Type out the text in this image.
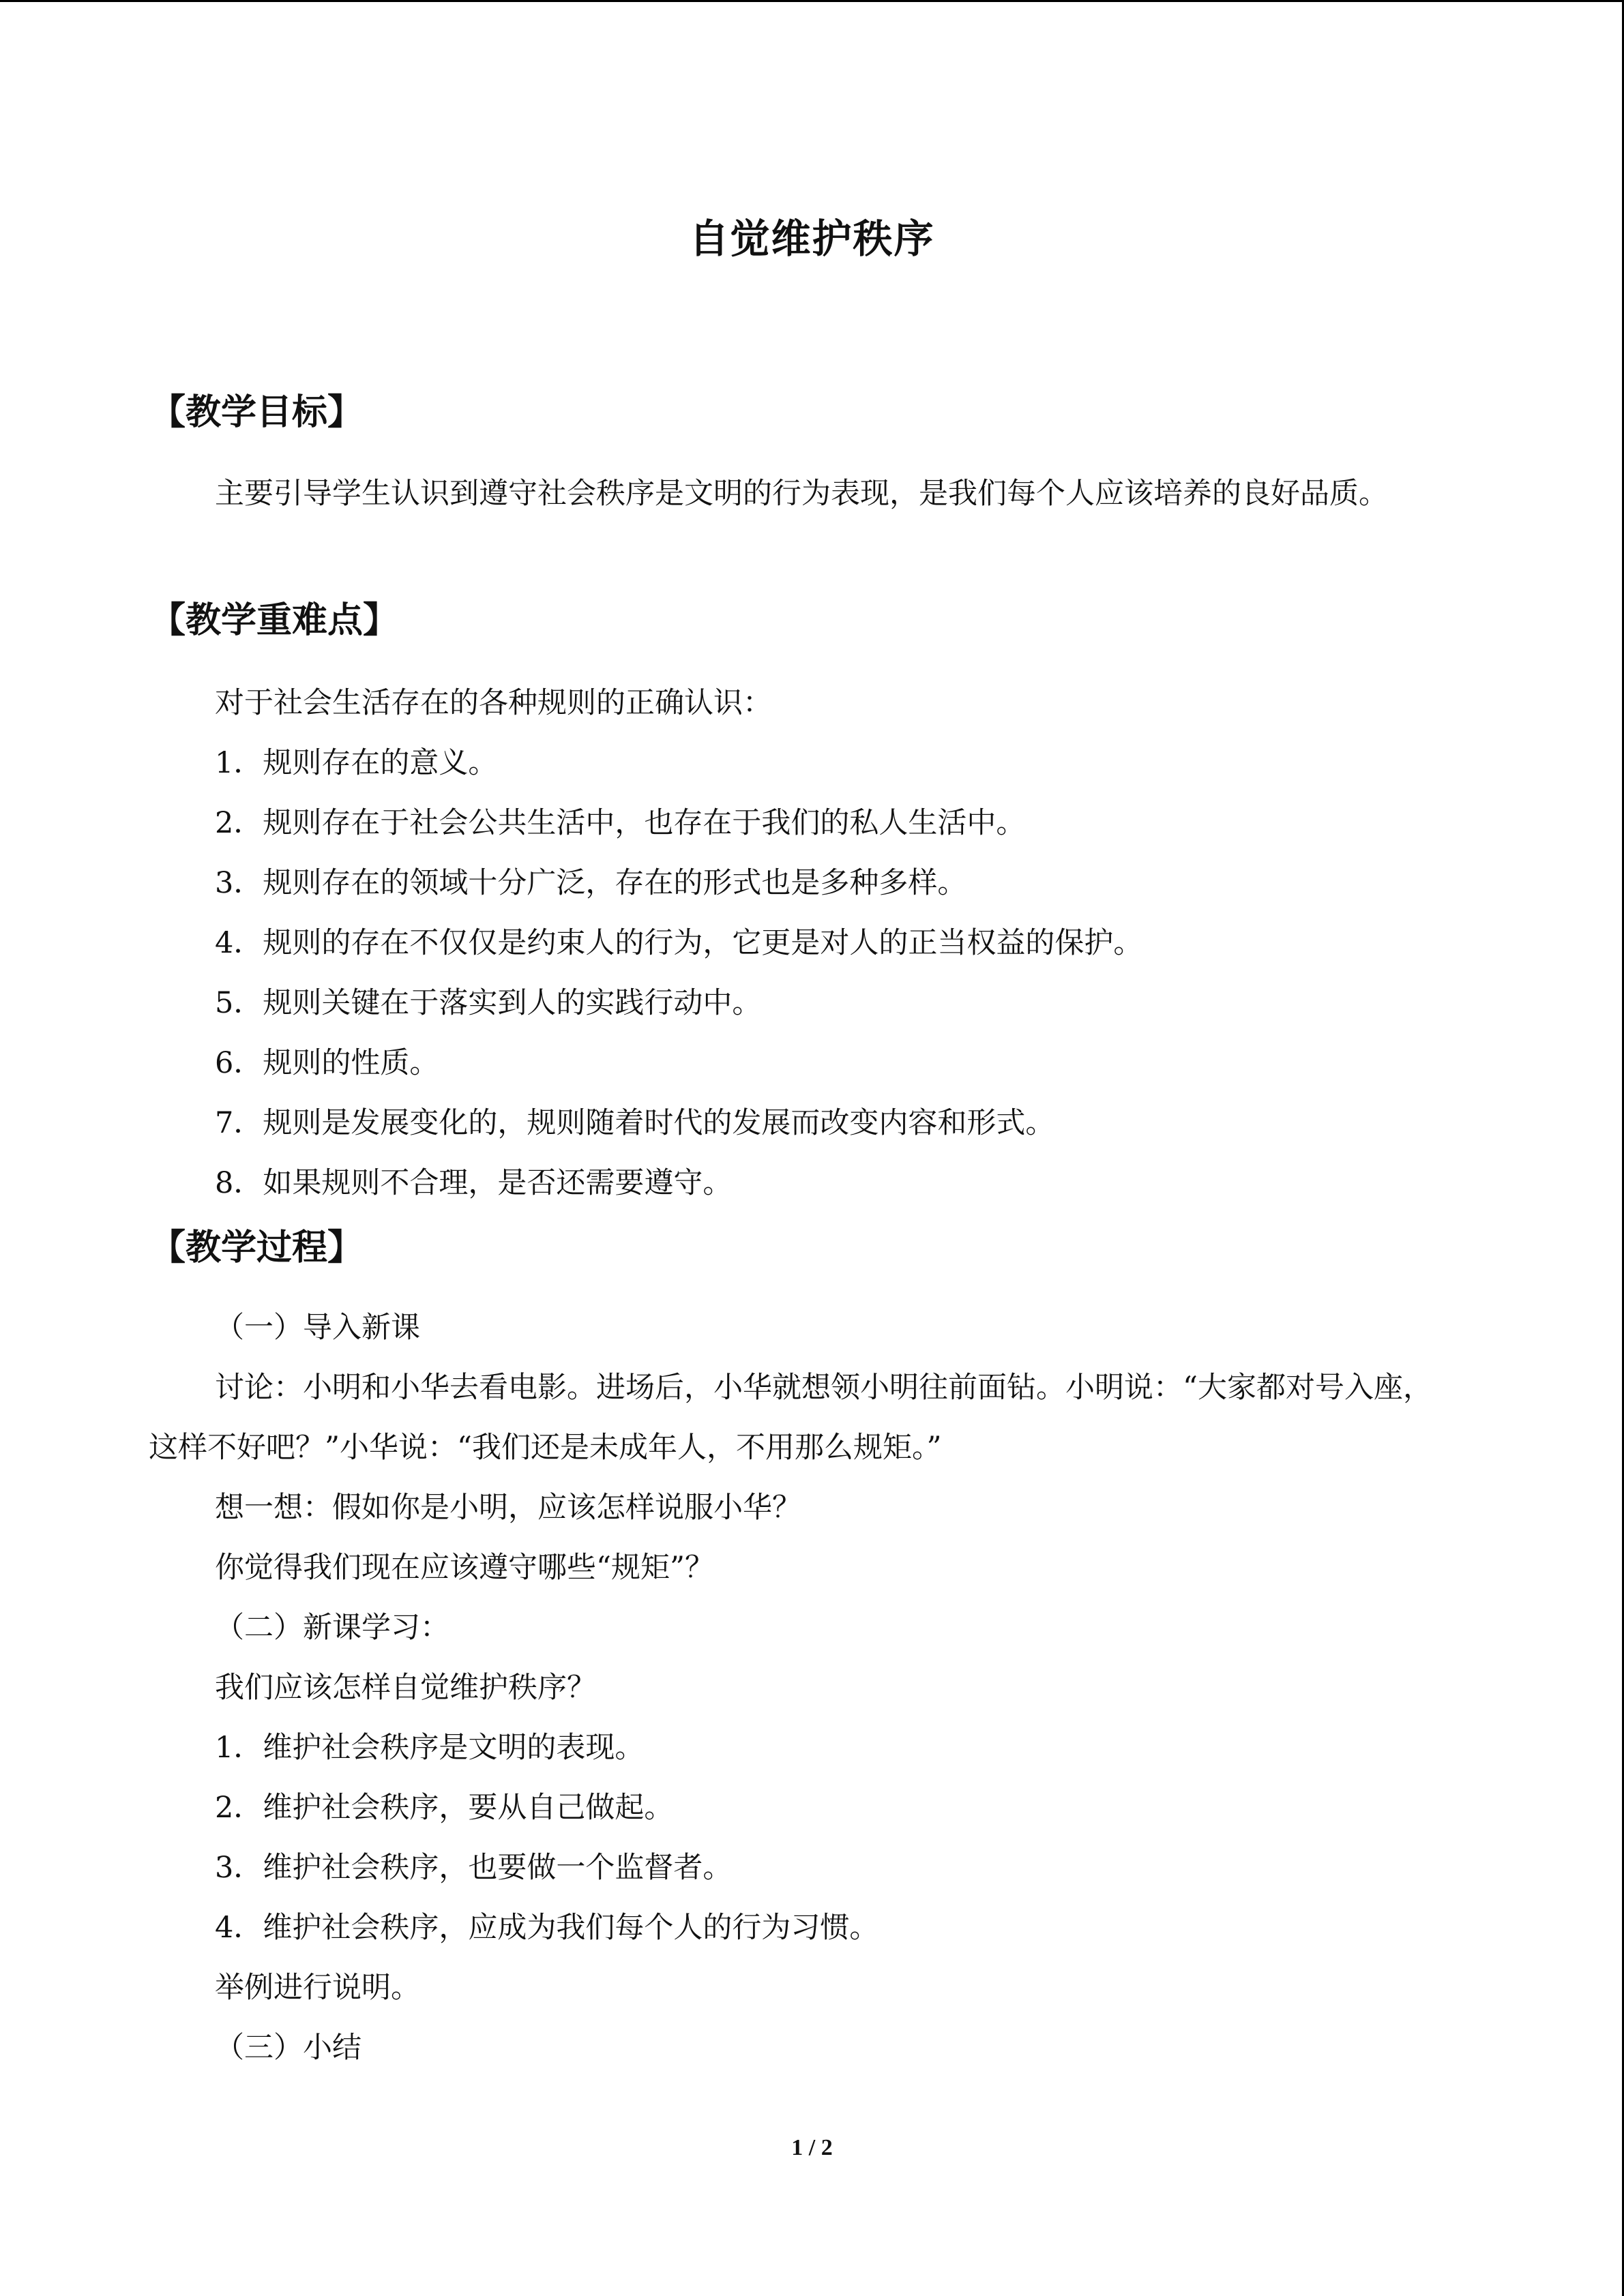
自觉维护秩序
【教学目标】

主要引导学生认识到遵守社会秩序是文明的行为表现，是我们每个人应该培养的良好品质。

【教学重难点】

对于社会生活存在的各种规则的正确认识：

1．规则存在的意义。

2．规则存在于社会公共生活中，也存在于我们的私人生活中。

3．规则存在的领域十分广泛，存在的形式也是多种多样。

4．规则的存在不仅仅是约束人的行为，它更是对人的正当权益的保护。

5．规则关键在于落实到人的实践行动中。

6．规则的性质。

7．规则是发展变化的，规则随着时代的发展而改变内容和形式。

8．如果规则不合理，是否还需要遵守。

【教学过程】

（一）导入新课

讨论：小明和小华去看电影。进场后，小华就想领小明往前面钻。小明说：“大家都对号入座，这样不好吧？”小华说：“我们还是未成年人，不用那么规矩。”

想一想：假如你是小明，应该怎样说服小华？

你觉得我们现在应该遵守哪些“规矩”？

（二）新课学习：

我们应该怎样自觉维护秩序？

1．维护社会秩序是文明的表现。

2．维护社会秩序，要从自己做起。

3．维护社会秩序，也要做一个监督者。

4．维护社会秩序，应成为我们每个人的行为习惯。

举例进行说明。

（三）小结

1 / 2
